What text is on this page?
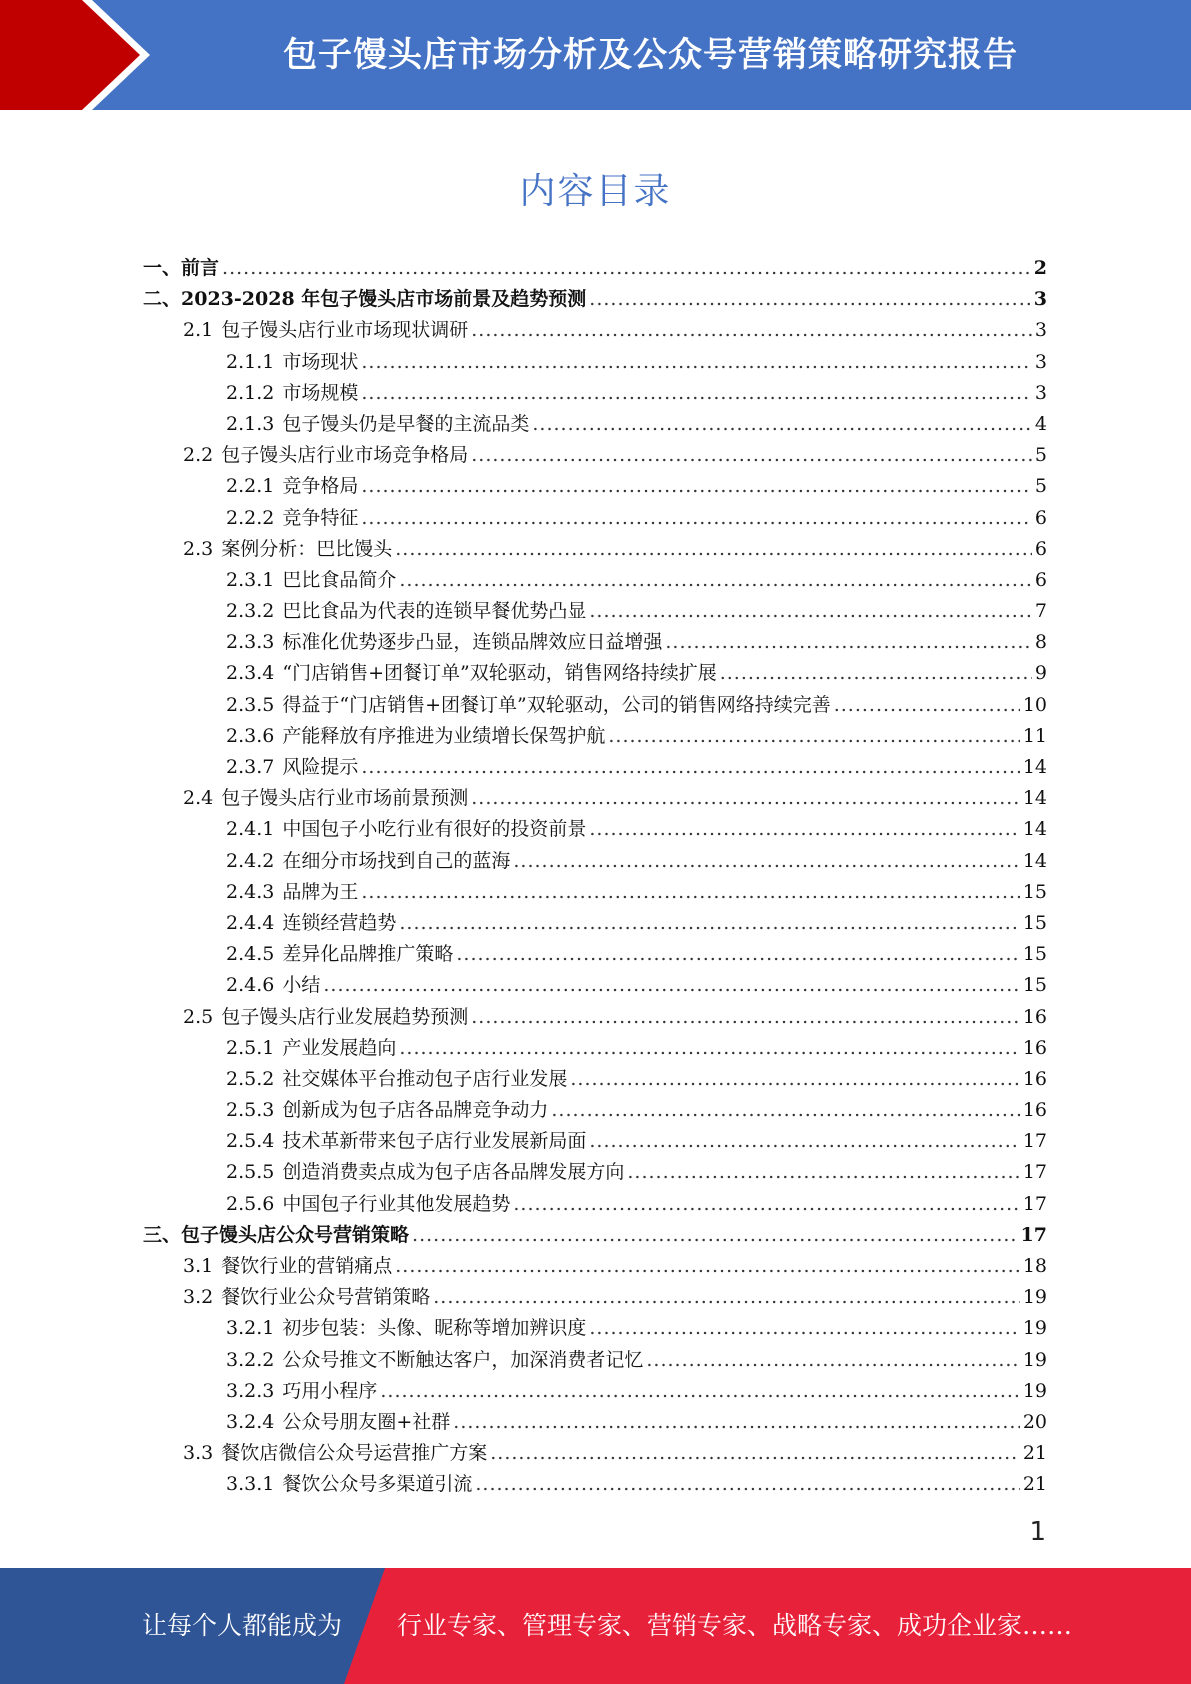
包子馒头店市场分析及公众号营销策略研究报告
内容目录
一、 前言 .....	2
二、 2023-2028 年包子馒头店市场前景及趋势预测 .....	3
2.1 包子馒头店行业市场现状调研 .....	3
2.1.1 市场现状 .....	3
2.1.2 市场规模 .....	3
2.1.3 包子馒头仍是早餐的主流品类 .....	4
2.2 包子馒头店行业市场竞争格局 .....	5
2.2.1 竞争格局 .....	5
2.2.2 竞争特征 .....	6
2.3 案例分析：巴比馒头 .....	6
2.3.1 巴比食品简介 .....	6
2.3.2 巴比食品为代表的连锁早餐优势凸显 .....	7
2.3.3 标准化优势逐步凸显，连锁品牌效应日益增强 .....	8
2.3.4 “门店销售+团餐订单”双轮驱动，销售网络持续扩展 .....	9
2.3.5 得益于“门店销售+团餐订单”双轮驱动，公司的销售网络持续完善 .....	10
2.3.6 产能释放有序推进为业绩增长保驾护航 .....	11
2.3.7 风险提示 .....	14
2.4 包子馒头店行业市场前景预测 .....	14
2.4.1 中国包子小吃行业有很好的投资前景 .....	14
2.4.2 在细分市场找到自己的蓝海 .....	14
2.4.3 品牌为王 .....	15
2.4.4 连锁经营趋势 .....	15
2.4.5 差异化品牌推广策略 .....	15
2.4.6 小结 .....	15
2.5 包子馒头店行业发展趋势预测 .....	16
2.5.1 产业发展趋向 .....	16
2.5.2 社交媒体平台推动包子店行业发展 .....	16
2.5.3 创新成为包子店各品牌竞争动力 .....	16
2.5.4 技术革新带来包子店行业发展新局面 .....	17
2.5.5 创造消费卖点成为包子店各品牌发展方向 .....	17
2.5.6 中国包子行业其他发展趋势 .....	17
三、 包子馒头店公众号营销策略 .....	17
3.1 餐饮行业的营销痛点 .....	18
3.2 餐饮行业公众号营销策略 .....	19
3.2.1 初步包装：头像、昵称等增加辨识度 .....	19
3.2.2 公众号推文不断触达客户，加深消费者记忆 .....	19
3.2.3 巧用小程序 .....	19
3.2.4 公众号朋友圈+社群 .....	20
3.3 餐饮店微信公众号运营推广方案 .....	21
3.3.1 餐饮公众号多渠道引流 .....	21
1
让每个人都能成为 行业专家、管理专家、营销专家、战略专家、成功企业家……
